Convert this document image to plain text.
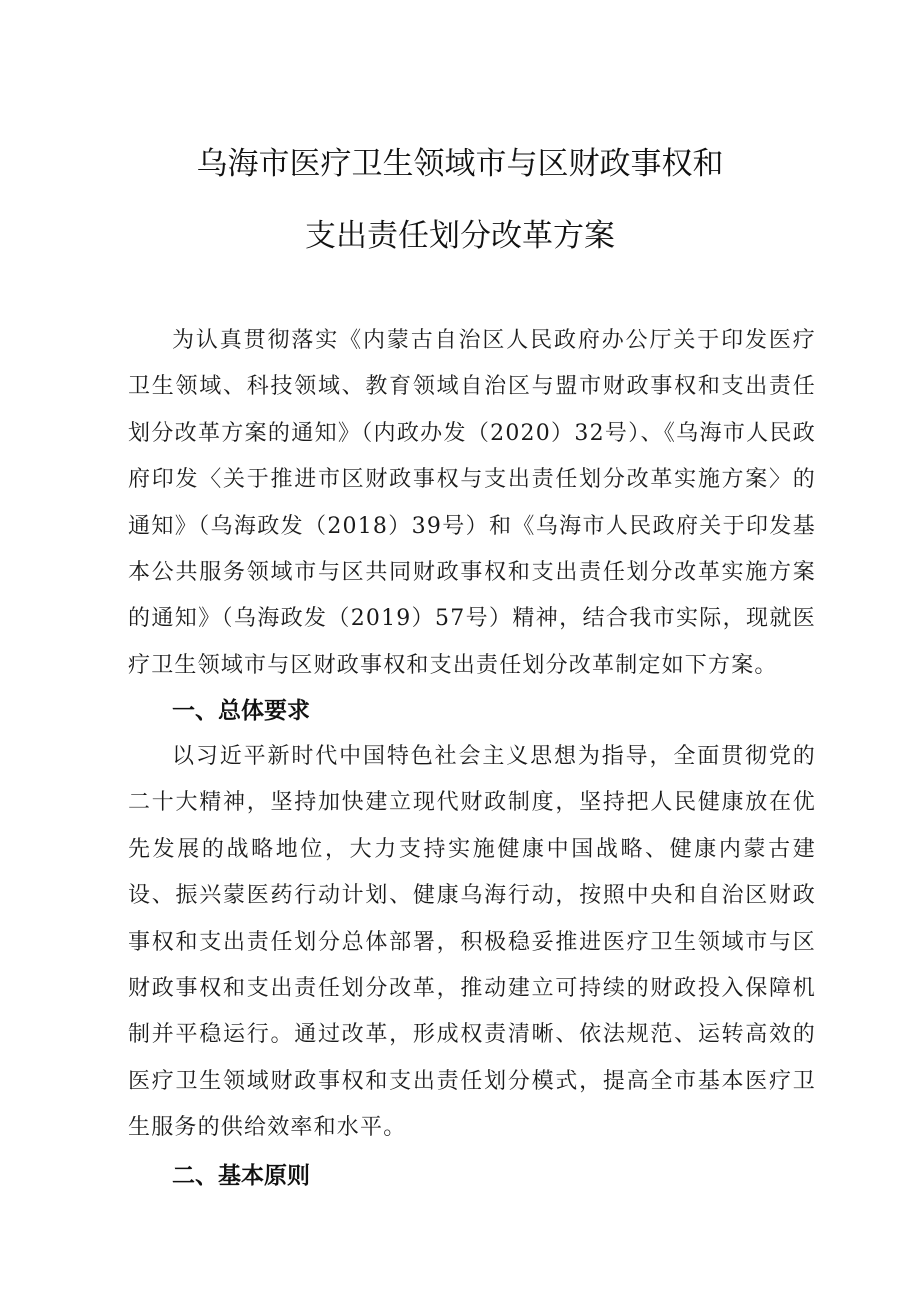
乌海市医疗卫生领域市与区财政事权和
支出责任划分改革方案

为认真贯彻落实《内蒙古自治区人民政府办公厅关于印发医疗卫生领域、科技领域、教育领域自治区与盟市财政事权和支出责任划分改革方案的通知》（内政办发（2020）32号）、《乌海市人民政府印发〈关于推进市区财政事权与支出责任划分改革实施方案〉的通知》（乌海政发（2018）39号）和《乌海市人民政府关于印发基本公共服务领域市与区共同财政事权和支出责任划分改革实施方案的通知》（乌海政发（2019）57号）精神，结合我市实际，现就医疗卫生领域市与区财政事权和支出责任划分改革制定如下方案。

一、总体要求

以习近平新时代中国特色社会主义思想为指导，全面贯彻党的二十大精神，坚持加快建立现代财政制度，坚持把人民健康放在优先发展的战略地位，大力支持实施健康中国战略、健康内蒙古建设、振兴蒙医药行动计划、健康乌海行动，按照中央和自治区财政事权和支出责任划分总体部署，积极稳妥推进医疗卫生领域市与区财政事权和支出责任划分改革，推动建立可持续的财政投入保障机制并平稳运行。通过改革，形成权责清晰、依法规范、运转高效的医疗卫生领域财政事权和支出责任划分模式，提高全市基本医疗卫生服务的供给效率和水平。

二、基本原则
